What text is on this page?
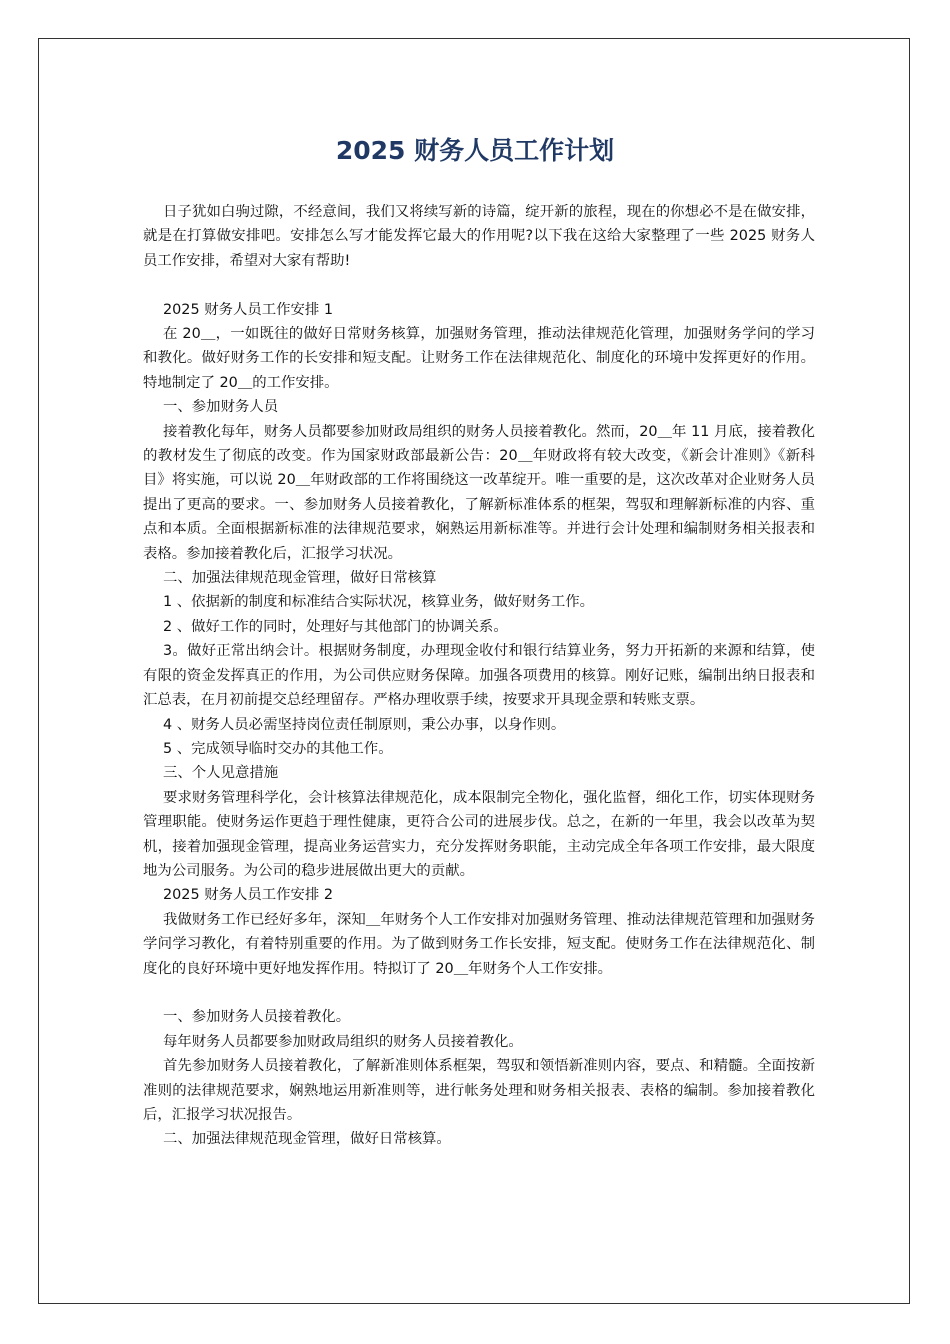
2025 财务人员工作计划

日子犹如白驹过隙，不经意间，我们又将续写新的诗篇，绽开新的旅程，现在的你想必不是在做安排，就是在打算做安排吧。安排怎么写才能发挥它最大的作用呢?以下我在这给大家整理了一些 2025 财务人员工作安排，希望对大家有帮助!

2025 财务人员工作安排 1

在 20＿，一如既往的做好日常财务核算，加强财务管理，推动法律规范化管理，加强财务学问的学习和教化。做好财务工作的长安排和短支配。让财务工作在法律规范化、制度化的环境中发挥更好的作用。特地制定了 20＿的工作安排。

一、参加财务人员

接着教化每年，财务人员都要参加财政局组织的财务人员接着教化。然而，20＿年 11 月底，接着教化的教材发生了彻底的改变。作为国家财政部最新公告：20＿年财政将有较大改变，《新会计准则》《新科目》将实施，可以说 20＿年财政部的工作将围绕这一改革绽开。唯一重要的是，这次改革对企业财务人员提出了更高的要求。一、参加财务人员接着教化，了解新标准体系的框架，驾驭和理解新标准的内容、重点和本质。全面根据新标准的法律规范要求，娴熟运用新标准等。并进行会计处理和编制财务相关报表和表格。参加接着教化后，汇报学习状况。

二、加强法律规范现金管理，做好日常核算

1 、依据新的制度和标准结合实际状况，核算业务，做好财务工作。

2 、做好工作的同时，处理好与其他部门的协调关系。

3。做好正常出纳会计。根据财务制度，办理现金收付和银行结算业务，努力开拓新的来源和结算，使有限的资金发挥真正的作用，为公司供应财务保障。加强各项费用的核算。刚好记账，编制出纳日报表和汇总表，在月初前提交总经理留存。严格办理收票手续，按要求开具现金票和转账支票。

4 、财务人员必需坚持岗位责任制原则，秉公办事，以身作则。

5 、完成领导临时交办的其他工作。

三、个人见意措施

要求财务管理科学化，会计核算法律规范化，成本限制完全物化，强化监督，细化工作，切实体现财务管理职能。使财务运作更趋于理性健康，更符合公司的进展步伐。总之，在新的一年里，我会以改革为契机，接着加强现金管理，提高业务运营实力，充分发挥财务职能，主动完成全年各项工作安排，最大限度地为公司服务。为公司的稳步进展做出更大的贡献。

2025 财务人员工作安排 2

我做财务工作已经好多年，深知＿年财务个人工作安排对加强财务管理、推动法律规范管理和加强财务学问学习教化，有着特别重要的作用。为了做到财务工作长安排，短支配。使财务工作在法律规范化、制度化的良好环境中更好地发挥作用。特拟订了 20＿年财务个人工作安排。

一、参加财务人员接着教化。

每年财务人员都要参加财政局组织的财务人员接着教化。

首先参加财务人员接着教化，了解新准则体系框架，驾驭和领悟新准则内容，要点、和精髓。全面按新准则的法律规范要求，娴熟地运用新准则等，进行帐务处理和财务相关报表、表格的编制。参加接着教化后，汇报学习状况报告。

二、加强法律规范现金管理，做好日常核算。
